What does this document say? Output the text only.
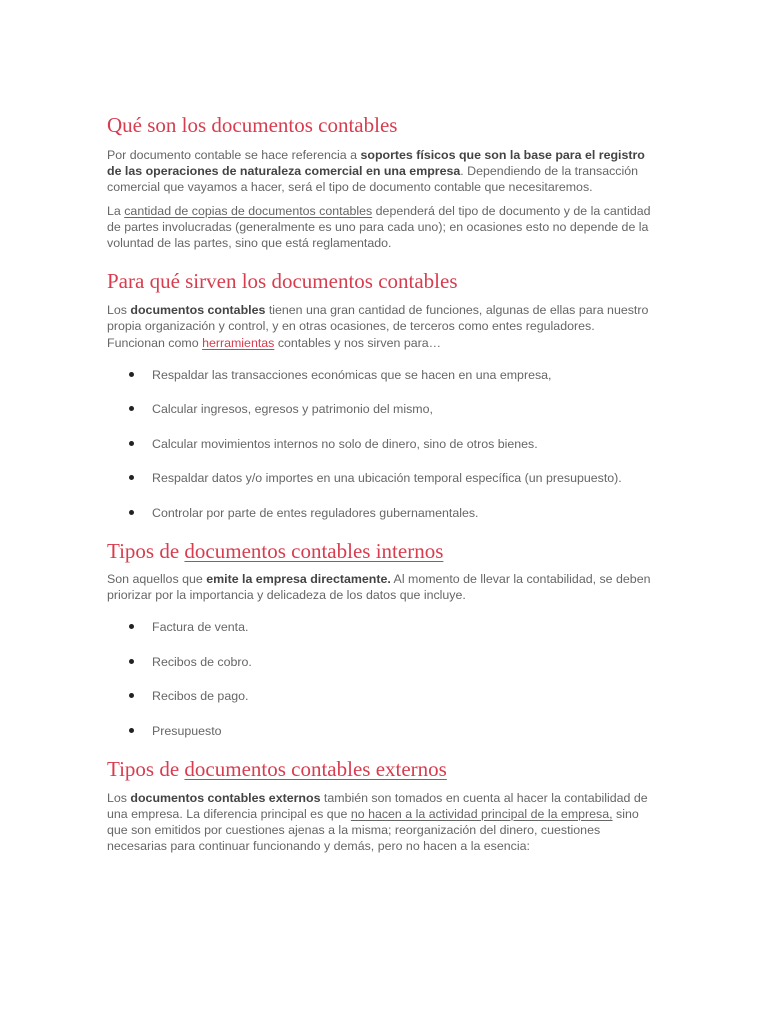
Qué son los documentos contables

Por documento contable se hace referencia a soportes físicos que son la base para el registro de las operaciones de naturaleza comercial en una empresa. Dependiendo de la transacción comercial que vayamos a hacer, será el tipo de documento contable que necesitaremos.

La cantidad de copias de documentos contables dependerá del tipo de documento y de la cantidad de partes involucradas (generalmente es uno para cada uno); en ocasiones esto no depende de la voluntad de las partes, sino que está reglamentado.

Para qué sirven los documentos contables

Los documentos contables tienen una gran cantidad de funciones, algunas de ellas para nuestro propia organización y control, y en otras ocasiones, de terceros como entes reguladores. Funcionan como herramientas contables y nos sirven para…

Respaldar las transacciones económicas que se hacen en una empresa,
Calcular ingresos, egresos y patrimonio del mismo,
Calcular movimientos internos no solo de dinero, sino de otros bienes.
Respaldar datos y/o importes en una ubicación temporal específica (un presupuesto).
Controlar por parte de entes reguladores gubernamentales.
Tipos de documentos contables internos

Son aquellos que emite la empresa directamente. Al momento de llevar la contabilidad, se deben priorizar por la importancia y delicadeza de los datos que incluye.

Factura de venta.
Recibos de cobro.
Recibos de pago.
Presupuesto
Tipos de documentos contables externos

Los documentos contables externos también son tomados en cuenta al hacer la contabilidad de una empresa. La diferencia principal es que no hacen a la actividad principal de la empresa, sino que son emitidos por cuestiones ajenas a la misma; reorganización del dinero, cuestiones necesarias para continuar funcionando y demás, pero no hacen a la esencia:
